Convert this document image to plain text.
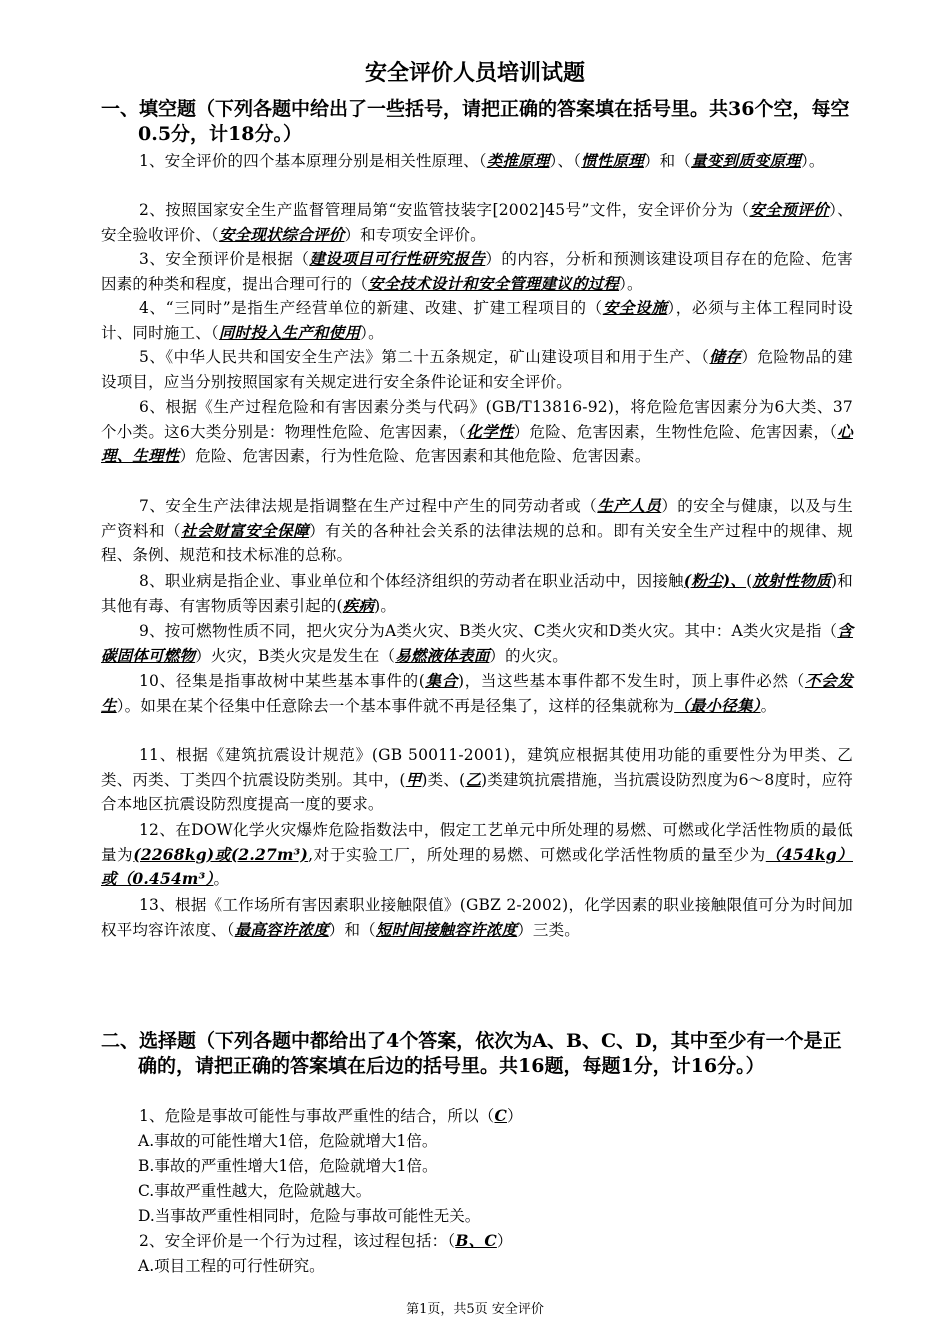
安全评价人员培训试题
一、填空题（下列各题中给出了一些括号，请把正确的答案填在括号里。共36个空，每空0.5分，计18分。）
1、安全评价的四个基本原理分别是相关性原理、（类推原理）、（惯性原理）和（量变到质变原理）。
2、按照国家安全生产监督管理局第“安监管技装字[2002]45号”文件，安全评价分为（安全预评价）、安全验收评价、（安全现状综合评价）和专项安全评价。
3、安全预评价是根据（建设项目可行性研究报告）的内容，分析和预测该建设项目存在的危险、危害因素的种类和程度，提出合理可行的（安全技术设计和安全管理建议的过程）。
4、“三同时”是指生产经营单位的新建、改建、扩建工程项目的（安全设施），必须与主体工程同时设计、同时施工、（同时投入生产和使用）。
5、《中华人民共和国安全生产法》第二十五条规定，矿山建设项目和用于生产、（储存）危险物品的建设项目，应当分别按照国家有关规定进行安全条件论证和安全评价。
6、根据《生产过程危险和有害因素分类与代码》(GB/T13816-92)，将危险危害因素分为6大类、37个小类。这6大类分别是：物理性危险、危害因素，（化学性）危险、危害因素，生物性危险、危害因素，（心理、生理性）危险、危害因素，行为性危险、危害因素和其他危险、危害因素。
7、安全生产法律法规是指调整在生产过程中产生的同劳动者或（生产人员）的安全与健康，以及与生产资料和（社会财富安全保障）有关的各种社会关系的法律法规的总和。即有关安全生产过程中的规律、规程、条例、规范和技术标准的总称。
8、职业病是指企业、事业单位和个体经济组织的劳动者在职业活动中，因接触(粉尘)、(放射性物质)和其他有毒、有害物质等因素引起的(疾病)。
9、按可燃物性质不同，把火灾分为A类火灾、B类火灾、C类火灾和D类火灾。其中：A类火灾是指（含碳固体可燃物）火灾，B类火灾是发生在（易燃液体表面）的火灾。
10、径集是指事故树中某些基本事件的(集合)，当这些基本事件都不发生时，顶上事件必然（不会发生）。如果在某个径集中任意除去一个基本事件就不再是径集了，这样的径集就称为（最小径集）。
11、根据《建筑抗震设计规范》(GB 50011-2001)，建筑应根据其使用功能的重要性分为甲类、乙类、丙类、丁类四个抗震设防类别。其中，(甲)类、(乙)类建筑抗震措施，当抗震设防烈度为6～8度时，应符合本地区抗震设防烈度提高一度的要求。
12、在DOW化学火灾爆炸危险指数法中，假定工艺单元中所处理的易燃、可燃或化学活性物质的最低量为(2268kg)或(2.27m³),对于实验工厂，所处理的易燃、可燃或化学活性物质的量至少为（454kg）或（0.454m³）。
13、根据《工作场所有害因素职业接触限值》(GBZ 2-2002)，化学因素的职业接触限值可分为时间加权平均容许浓度、（最高容许浓度）和（短时间接触容许浓度）三类。
二、选择题（下列各题中都给出了4个答案，依次为A、B、C、D，其中至少有一个是正确的，请把正确的答案填在后边的括号里。共16题，每题1分，计16分。）
1、危险是事故可能性与事故严重性的结合，所以（C）
A.事故的可能性增大1倍，危险就增大1倍。
B.事故的严重性增大1倍，危险就增大1倍。
C.事故严重性越大，危险就越大。
D.当事故严重性相同时，危险与事故可能性无关。
2、安全评价是一个行为过程，该过程包括：（B、C）
A.项目工程的可行性研究。
第1页，共5页 安全评价
